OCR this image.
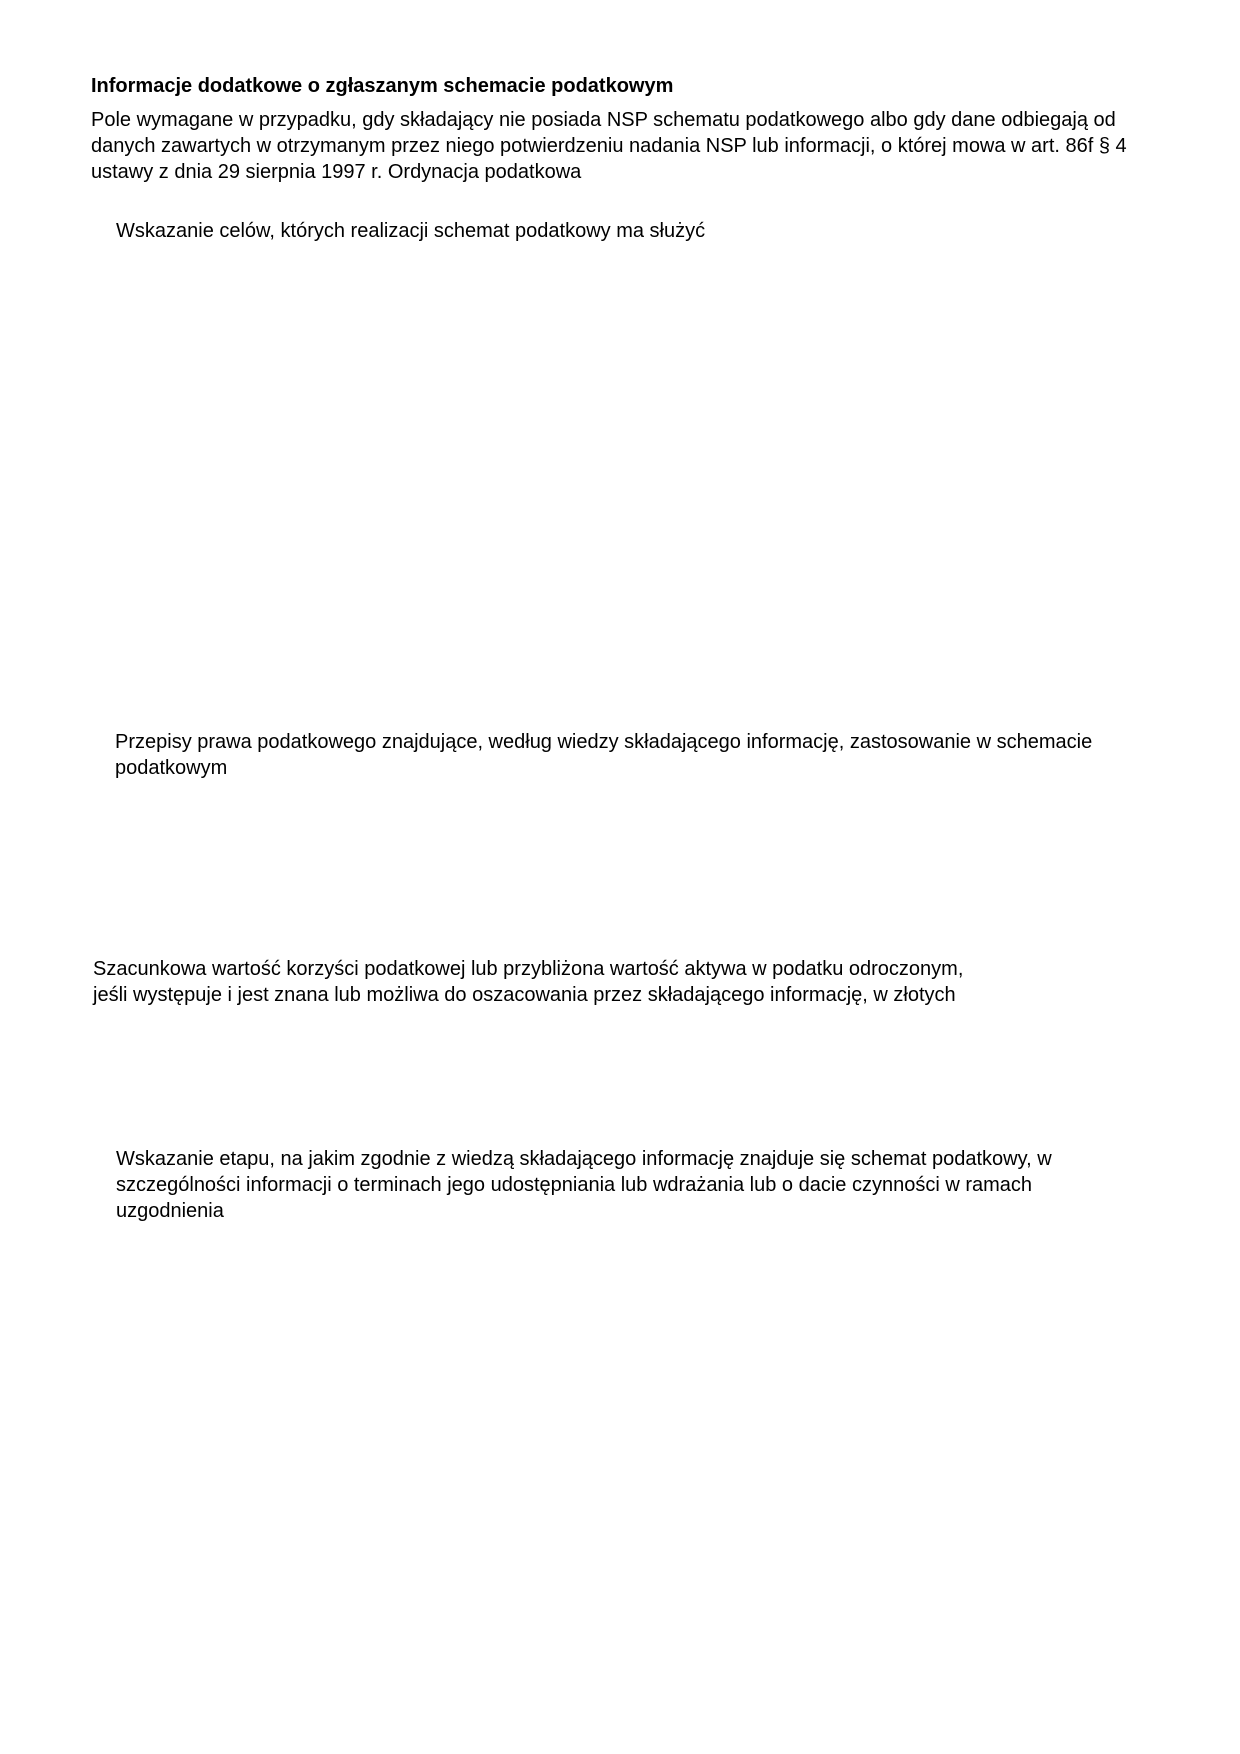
Informacje dodatkowe o zgłaszanym schemacie podatkowym

Pole wymagane w przypadku, gdy składający nie posiada NSP schematu podatkowego albo gdy dane odbiegają od
danych zawartych w otrzymanym przez niego potwierdzeniu nadania NSP lub informacji, o której mowa w art. 86f § 4
ustawy z dnia 29 sierpnia 1997 r. Ordynacja podatkowa

Wskazanie celów, których realizacji schemat podatkowy ma służyć

Przepisy prawa podatkowego znajdujące, według wiedzy składającego informację, zastosowanie w schemacie
podatkowym

Szacunkowa wartość korzyści podatkowej lub przybliżona wartość aktywa w podatku odroczonym,
jeśli występuje i jest znana lub możliwa do oszacowania przez składającego informację, w złotych

Wskazanie etapu, na jakim zgodnie z wiedzą składającego informację znajduje się schemat podatkowy, w
szczególności informacji o terminach jego udostępniania lub wdrażania lub o dacie czynności w ramach
uzgodnienia
